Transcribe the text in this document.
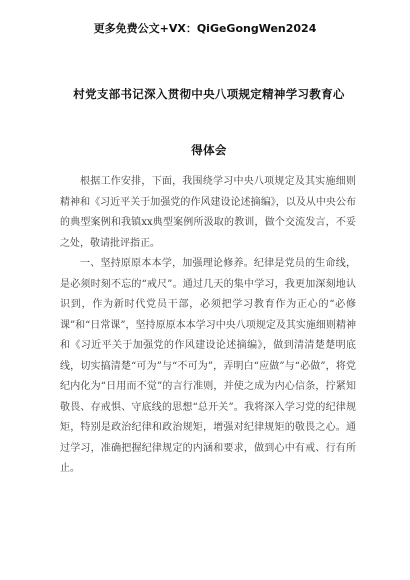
更多免费公文+VX：QiGeGongWen2024
村党支部书记深入贯彻中央八项规定精神学习教育心得体会

根据工作安排，下面，我围绕学习中央八项规定及其实施细则精神和《习近平关于加强党的作风建设论述摘编》，以及从中央公布的典型案例和我镇xx典型案例所汲取的教训，做个交流发言，不妥之处，敬请批评指正。

一、坚持原原本本学，加强理论修养。纪律是党员的生命线，是必须时刻不忘的“戒尺”。通过几天的集中学习，我更加深刻地认识到，作为新时代党员干部，必须把学习教育作为正心的“必修课”和“日常课”，坚持原原本本学习中央八项规定及其实施细则精神和《习近平关于加强党的作风建设论述摘编》，做到清清楚楚明底线，切实搞清楚“可为”与“不可为”，弄明白“应做”与“必做”，将党纪内化为“日用而不觉”的言行准则，并使之成为内心信条，拧紧知敬畏、存戒惧、守底线的思想“总开关”。我将深入学习党的纪律规矩，特别是政治纪律和政治规矩，增强对纪律规矩的敬畏之心。通过学习，准确把握纪律规定的内涵和要求，做到心中有戒、行有所止。
